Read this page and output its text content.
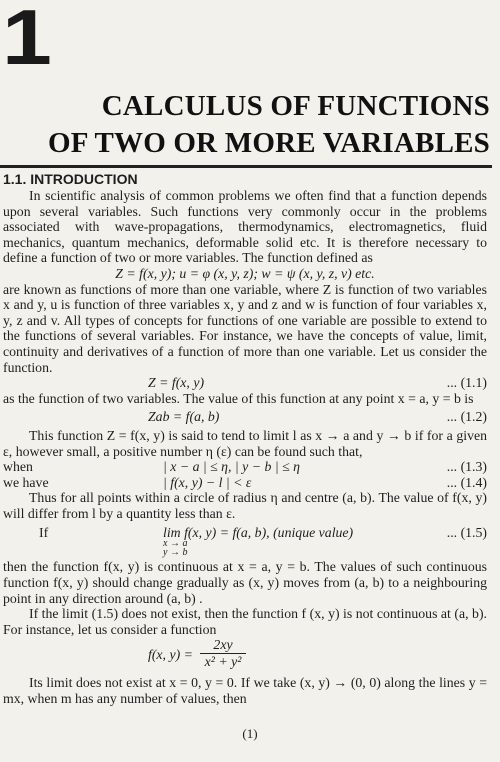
1
CALCULUS OF FUNCTIONS
OF TWO OR MORE VARIABLES
1.1. INTRODUCTION

In scientific analysis of common problems we often find that a function depends upon several variables. Such functions very commonly occur in the problems associated with wave-propagations, thermodynamics, electromagnetics, fluid mechanics, quantum mechanics, deformable solid etc. It is therefore necessary to define a function of two or more variables. The function defined as

Z = f(x, y); u = φ (x, y, z); w = ψ (x, y, z, v) etc.

are known as functions of more than one variable, where Z is function of two variables x and y, u is function of three variables x, y and z and w is function of four variables x, y, z and v. All types of concepts for functions of one variable are possible to extend to the functions of several variables. For instance, we have the concepts of value, limit, continuity and derivatives of a function of more than one variable. Let us consider the function.

Z = f(x, y)	... (1.1)

as the function of two variables. The value of this function at any point x = a, y = b is

Zab = f(a, b)	... (1.2)

This function Z = f(x, y) is said to tend to limit l as x → a and y → b if for a given ε, however small, a positive number η (ε) can be found such that,

when	| x − a | ≤ η, | y − b | ≤ η	... (1.3)
we have	| f(x, y) − l | < ε	... (1.4)

Thus for all points within a circle of radius η and centre (a, b). The value of f(x, y) will differ from l by a quantity less than ε.

If	lim f(x, y) = f(a, b), (unique value)
x → a
y → b
... (1.5)

then the function f(x, y) is continuous at x = a, y = b. The values of such continuous function f(x, y) should change gradually as (x, y) moves from (a, b) to a neighbouring point in any direction around (a, b) .

If the limit (1.5) does not exist, then the function f (x, y) is not continuous at (a, b). For instance, let us consider a function

f(x, $y) = \frac{2xy}{\text{x² + y²}}$

Its limit does not exist at x = 0, y = 0. If we take (x, y) → (0, 0) along the lines y = mx, when m has any number of values, then

(1)
